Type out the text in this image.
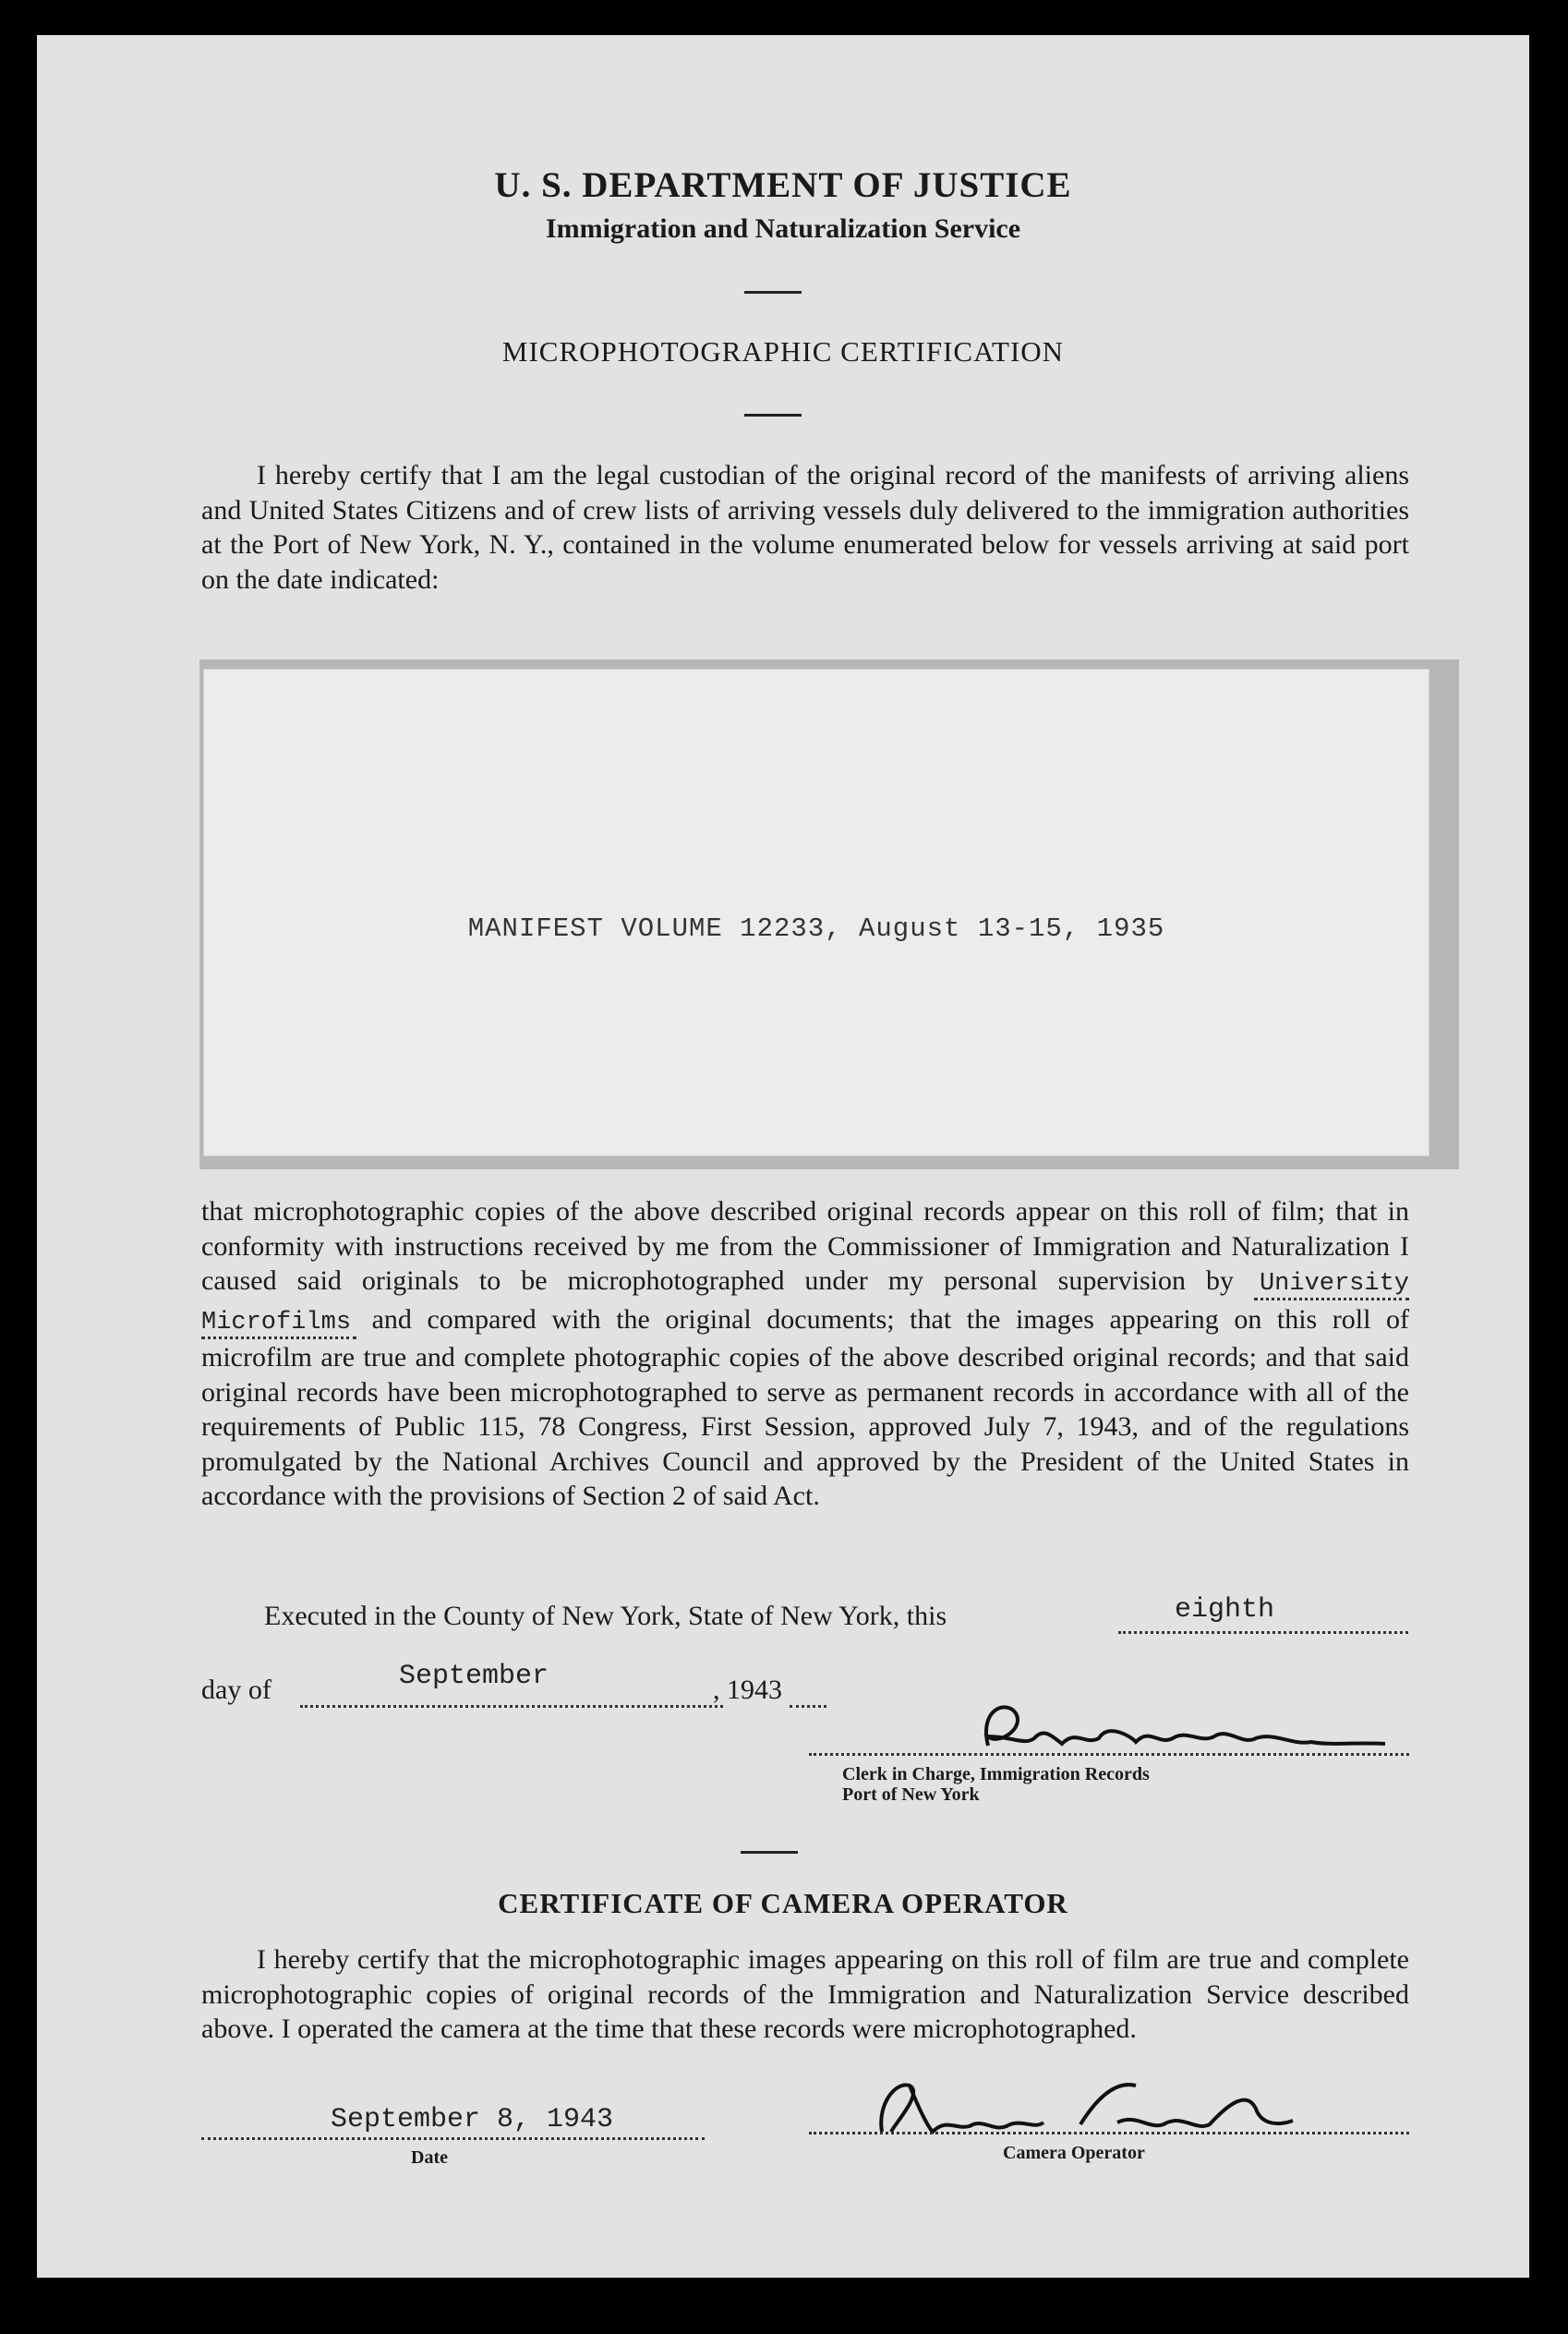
U. S. DEPARTMENT OF JUSTICE
Immigration and Naturalization Service
MICROPHOTOGRAPHIC CERTIFICATION
I hereby certify that I am the legal custodian of the original record of the manifests of arriving aliens and United States Citizens and of crew lists of arriving vessels duly delivered to the immigration authorities at the Port of New York, N. Y., contained in the volume enumerated below for vessels arriving at said port on the date indicated:
MANIFEST VOLUME 12233, August 13-15, 1935
that microphotographic copies of the above described original records appear on this roll of film; that in conformity with instructions received by me from the Commissioner of Immigration and Naturalization I caused said originals to be microphotographed under my personal supervision by University Microfilms and compared with the original documents; that the images appearing on this roll of microfilm are true and complete photographic copies of the above described original records; and that said original records have been microphotographed to serve as permanent records in accordance with all of the requirements of Public 115, 78 Congress, First Session, approved July 7, 1943, and of the regulations promulgated by the National Archives Council and approved by the President of the United States in accordance with the provisions of Section 2 of said Act.
Executed in the County of New York, State of New York, this	eighth
day of	September	, 1943
Clerk in Charge, Immigration Records
Port of New York
CERTIFICATE OF CAMERA OPERATOR
I hereby certify that the microphotographic images appearing on this roll of film are true and complete microphotographic copies of original records of the Immigration and Naturalization Service described above. I operated the camera at the time that these records were microphotographed.
September 8, 1943
Date	Camera Operator
